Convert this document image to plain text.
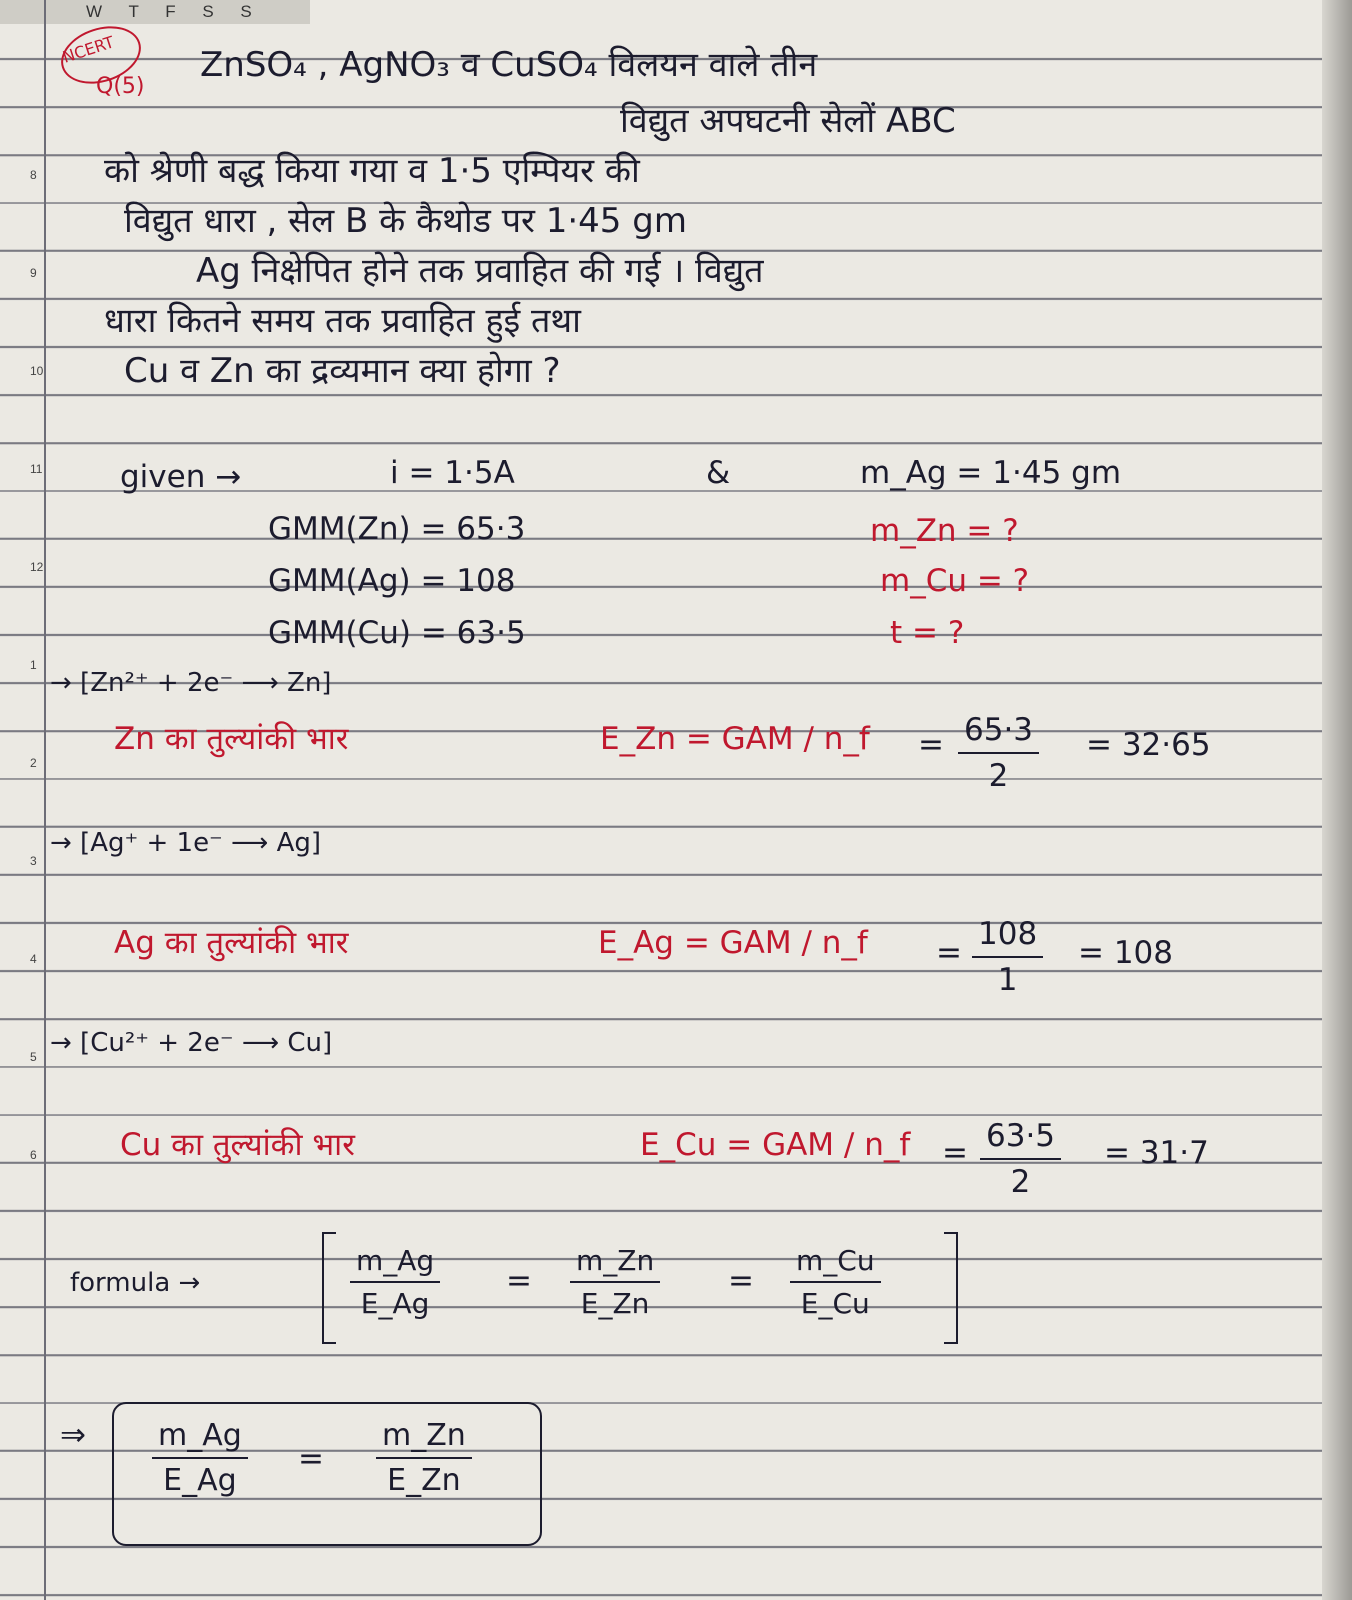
W T F S S
8
9
10
11
12
1
2
3
4
5
6
NCERT
Q(5)
ZnSO₄ , AgNO₃ व CuSO₄ विलयन वाले तीन
विद्युत अपघटनी सेलों ABC
को श्रेणी बद्ध किया गया व 1·5 एम्पियर की
विद्युत धारा , सेल B के कैथोड पर 1·45 gm
Ag निक्षेपित होने तक प्रवाहित की गई । विद्युत
धारा कितने समय तक प्रवाहित हुई तथा
Cu व Zn का द्रव्यमान क्या होगा ?
given →	i = 1·5A	&	m_Ag = 1·45 gm
GMM(Zn) = 65·3
GMM(Ag) = 108
GMM(Cu) = 63·5
m_Zn = ?
m_Cu = ?
t = ?
→ [Zn²⁺ + 2e⁻ ⟶ Zn]
Zn का तुल्यांकी भार	E_Zn = GAM / n_f = $\frac{65\cdot 3}{2} = 32\cdot 65$
→ [Ag⁺ + 1e⁻ ⟶ Ag]
Ag का तुल्यांकी भार	E_Ag = GAM / n_f = $\frac{108}{1} = 108$
→ [Cu²⁺ + 2e⁻ ⟶ Cu]
Cu का तुल्यांकी भार	E_Cu = GAM / n_f = $\frac{63\cdot 5}{2} = 31\cdot 7$
formula →	$\frac{m\_Ag}{E\_Ag} = \frac{m\_Zn}{E\_Zn} = \frac{m\_Cu}{E\_Cu}$
⇒ $\frac{m\_Ag}{E\_Ag} = \frac{m\_Zn}{E\_Zn}$
